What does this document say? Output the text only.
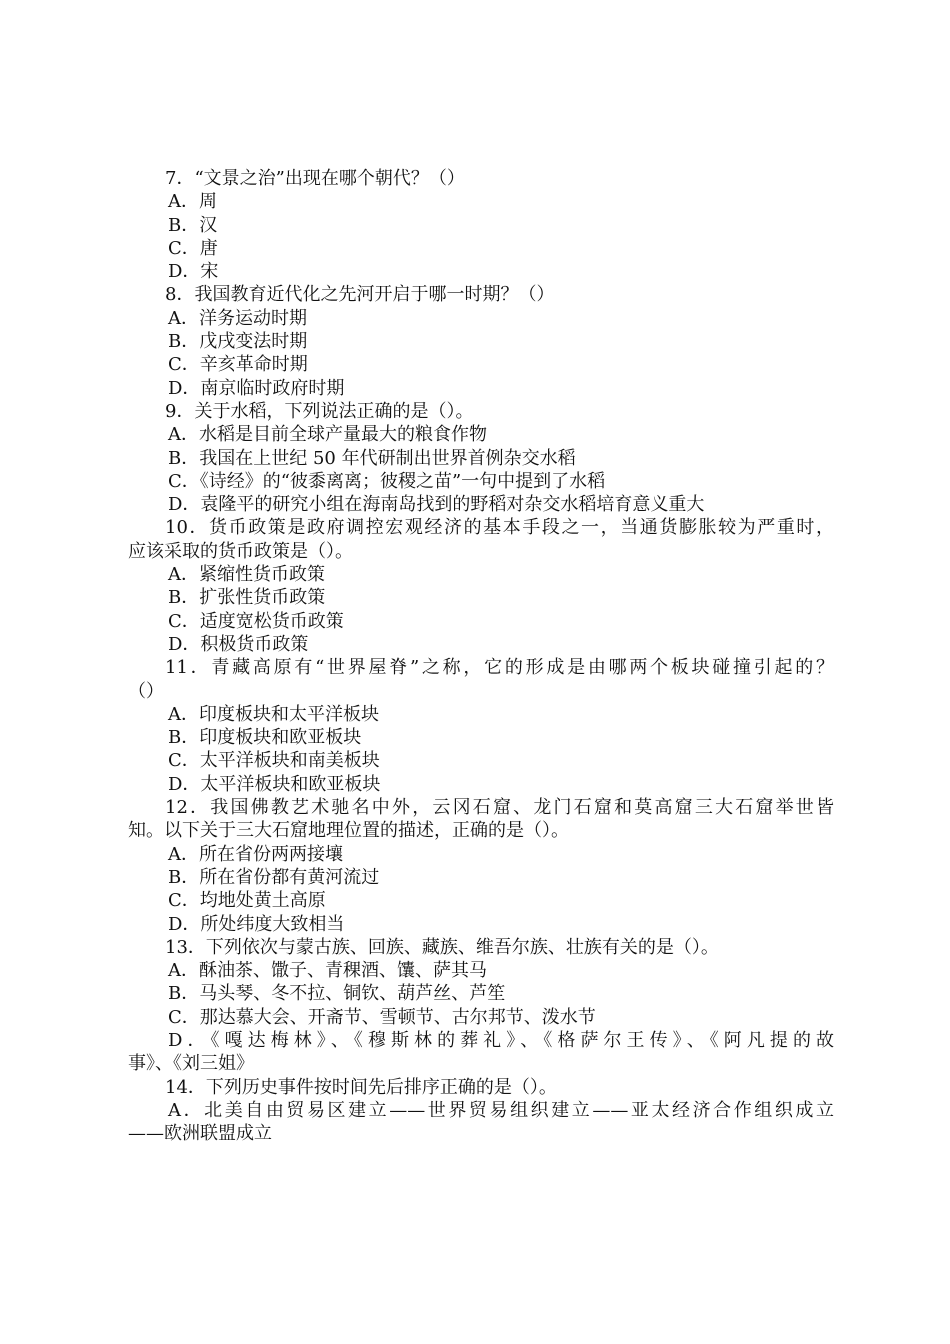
7．“文景之治”出现在哪个朝代？（）
A．周
B．汉
C．唐
D．宋
8．我国教育近代化之先河开启于哪一时期？（）
A．洋务运动时期
B．戊戌变法时期
C．辛亥革命时期
D．南京临时政府时期
9．关于水稻，下列说法正确的是（）。
A．水稻是目前全球产量最大的粮食作物
B．我国在上世纪 50 年代研制出世界首例杂交水稻
C．《诗经》的“彼黍离离；彼稷之苗”一句中提到了水稻
D．袁隆平的研究小组在海南岛找到的野稻对杂交水稻培育意义重大
10．货币政策是政府调控宏观经济的基本手段之一，当通货膨胀较为严重时，
应该采取的货币政策是（）。
A．紧缩性货币政策
B．扩张性货币政策
C．适度宽松货币政策
D．积极货币政策
11．青藏高原有“世界屋脊”之称，它的形成是由哪两个板块碰撞引起的？
（）
A．印度板块和太平洋板块
B．印度板块和欧亚板块
C．太平洋板块和南美板块
D．太平洋板块和欧亚板块
12．我国佛教艺术驰名中外，云冈石窟、龙门石窟和莫高窟三大石窟举世皆
知。以下关于三大石窟地理位置的描述，正确的是（）。
A．所在省份两两接壤
B．所在省份都有黄河流过
C．均地处黄土高原
D．所处纬度大致相当
13．下列依次与蒙古族、回族、藏族、维吾尔族、壮族有关的是（）。
A．酥油茶、馓子、青稞酒、馕、萨其马
B．马头琴、冬不拉、铜钦、葫芦丝、芦笙
C．那达慕大会、开斋节、雪顿节、古尔邦节、泼水节
D．《嘎达梅林》、《穆斯林的葬礼》、《格萨尔王传》、《阿凡提的故
事》、《刘三姐》
14．下列历史事件按时间先后排序正确的是（）。
A．北美自由贸易区建立——世界贸易组织建立——亚太经济合作组织成立
——欧洲联盟成立
